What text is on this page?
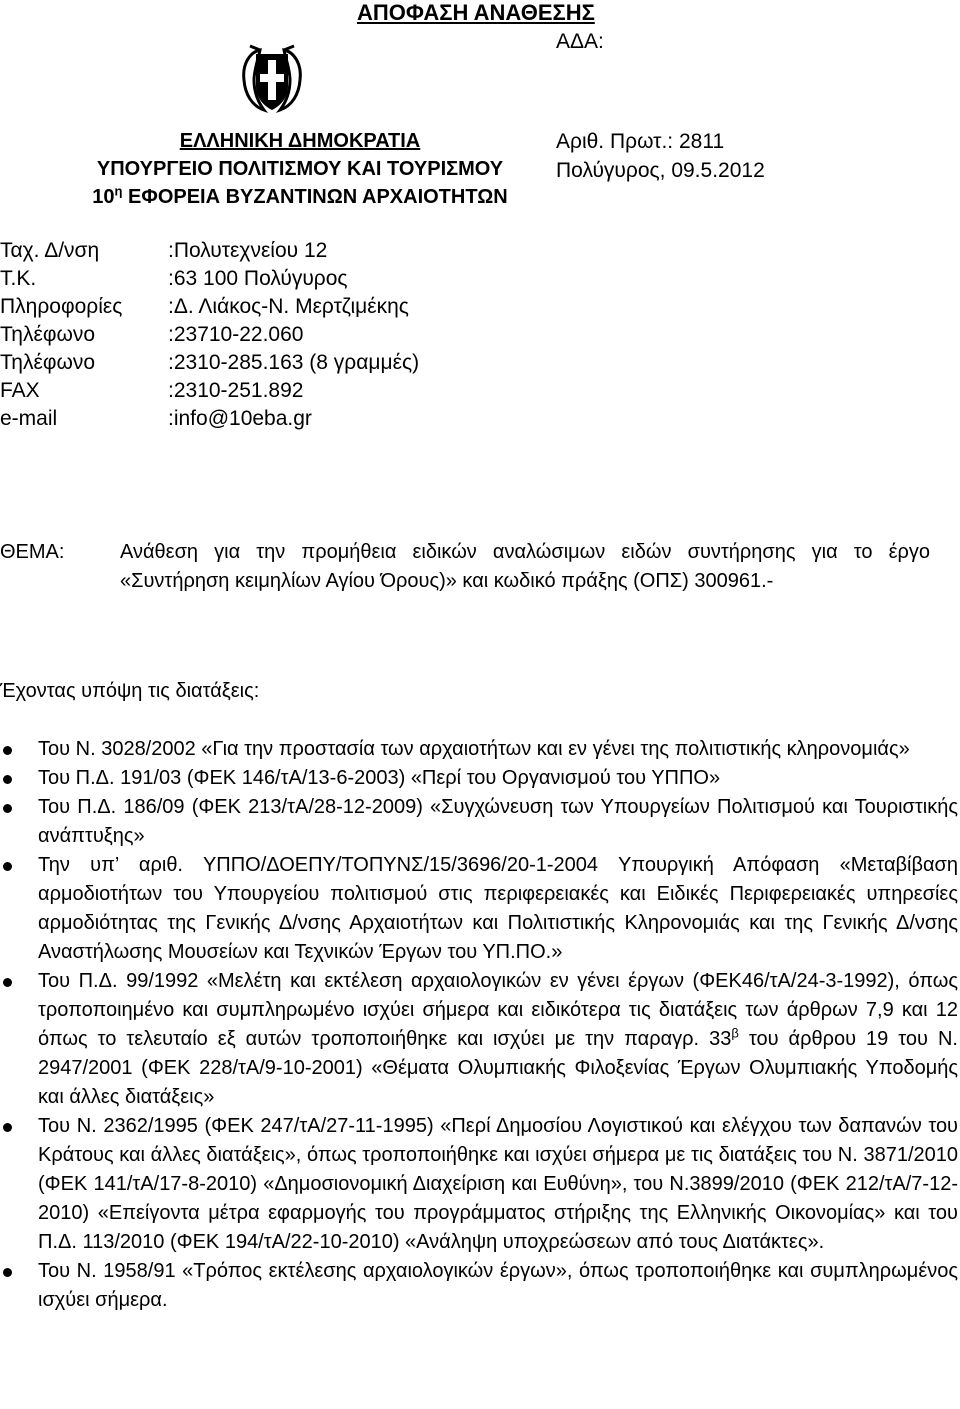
ΑΠΟΦΑΣΗ ΑΝΑΘΕΣΗΣ
ΑΔΑ:
ΕΛΛΗΝΙΚΗ ΔΗΜΟΚΡΑΤΙΑ
ΥΠΟΥΡΓΕΙΟ ΠΟΛΙΤΙΣΜΟΥ ΚΑΙ ΤΟΥΡΙΣΜΟΥ
$10^\eta$ ΕΦΟΡΕΙΑ ΒΥΖΑΝΤΙΝΩΝ ΑΡΧΑΙΟΤΗΤΩΝ
Αριθ. Πρωτ.: 2811
Πολύγυρος, 09.5.2012
Ταχ. Δ/νση	:Πολυτεχνείου 12
Τ.Κ.	:63 100 Πολύγυρος
Πληροφορίες	:Δ. Λιάκος-Ν. Μερτζιμέκης
Τηλέφωνο	:23710-22.060
Τηλέφωνο	:2310-285.163 (8 γραμμές)
FAX	:2310-251.892
e-mail	:info@10eba.gr
ΘΕΜΑ:	Ανάθεση για την προμήθεια ειδικών αναλώσιμων ειδών συντήρησης για το έργο «Συντήρηση κειμηλίων Αγίου Όρους)» και κωδικό πράξης (ΟΠΣ) 300961.-
Έχοντας υπόψη τις διατάξεις:
Του Ν. 3028/2002 «Για την προστασία των αρχαιοτήτων και εν γένει της πολιτιστικής κληρονομιάς»
Του Π.Δ. 191/03 (ΦΕΚ 146/τΑ/13-6-2003) «Περί του Οργανισμού του ΥΠΠΟ»
Του Π.Δ. 186/09 (ΦΕΚ 213/τΑ/28-12-2009) «Συγχώνευση των Υπουργείων Πολιτισμού και Τουριστικής ανάπτυξης»
Την υπ’ αριθ. ΥΠΠΟ/ΔΟΕΠΥ/ΤΟΠΥΝΣ/15/3696/20-1-2004 Υπουργική Απόφαση «Μεταβίβαση αρμοδιοτήτων του Υπουργείου πολιτισμού στις περιφερειακές και Ειδικές Περιφερειακές υπηρεσίες αρμοδιότητας της Γενικής Δ/νσης Αρχαιοτήτων και Πολιτιστικής Κληρονομιάς και της Γενικής Δ/νσης Αναστήλωσης Μουσείων και Τεχνικών Έργων του ΥΠ.ΠΟ.»
Του Π.Δ. 99/1992 «Μελέτη και εκτέλεση αρχαιολογικών εν γένει έργων (ΦΕΚ46/τΑ/24-3-1992), όπως τροποποιημένο και συμπληρωμένο ισχύει σήμερα και ειδικότερα τις διατάξεις των άρθρων 7,9 και 12 όπως το τελευταίο εξ αυτών τροποποιήθηκε και ισχύει με την παραγρ. $33^\beta$ του άρθρου 19 του Ν. 2947/2001 (ΦΕΚ 228/τΑ/9-10-2001) «Θέματα Ολυμπιακής Φιλοξενίας Έργων Ολυμπιακής Υποδομής και άλλες διατάξεις»
Του Ν. 2362/1995 (ΦΕΚ 247/τΑ/27-11-1995) «Περί Δημοσίου Λογιστικού και ελέγχου των δαπανών του Κράτους και άλλες διατάξεις», όπως τροποποιήθηκε και ισχύει σήμερα με τις διατάξεις του Ν. 3871/2010 (ΦΕΚ 141/τΑ/17-8-2010) «Δημοσιονομική Διαχείριση και Ευθύνη», του Ν.3899/2010 (ΦΕΚ 212/τΑ/7-12-2010) «Επείγοντα μέτρα εφαρμογής του προγράμματος στήριξης της Ελληνικής Οικονομίας» και του Π.Δ. 113/2010 (ΦΕΚ 194/τΑ/22-10-2010) «Ανάληψη υποχρεώσεων από τους Διατάκτες».
Του Ν. 1958/91 «Τρόπος εκτέλεσης αρχαιολογικών έργων», όπως τροποποιήθηκε και συμπληρωμένος ισχύει σήμερα.
